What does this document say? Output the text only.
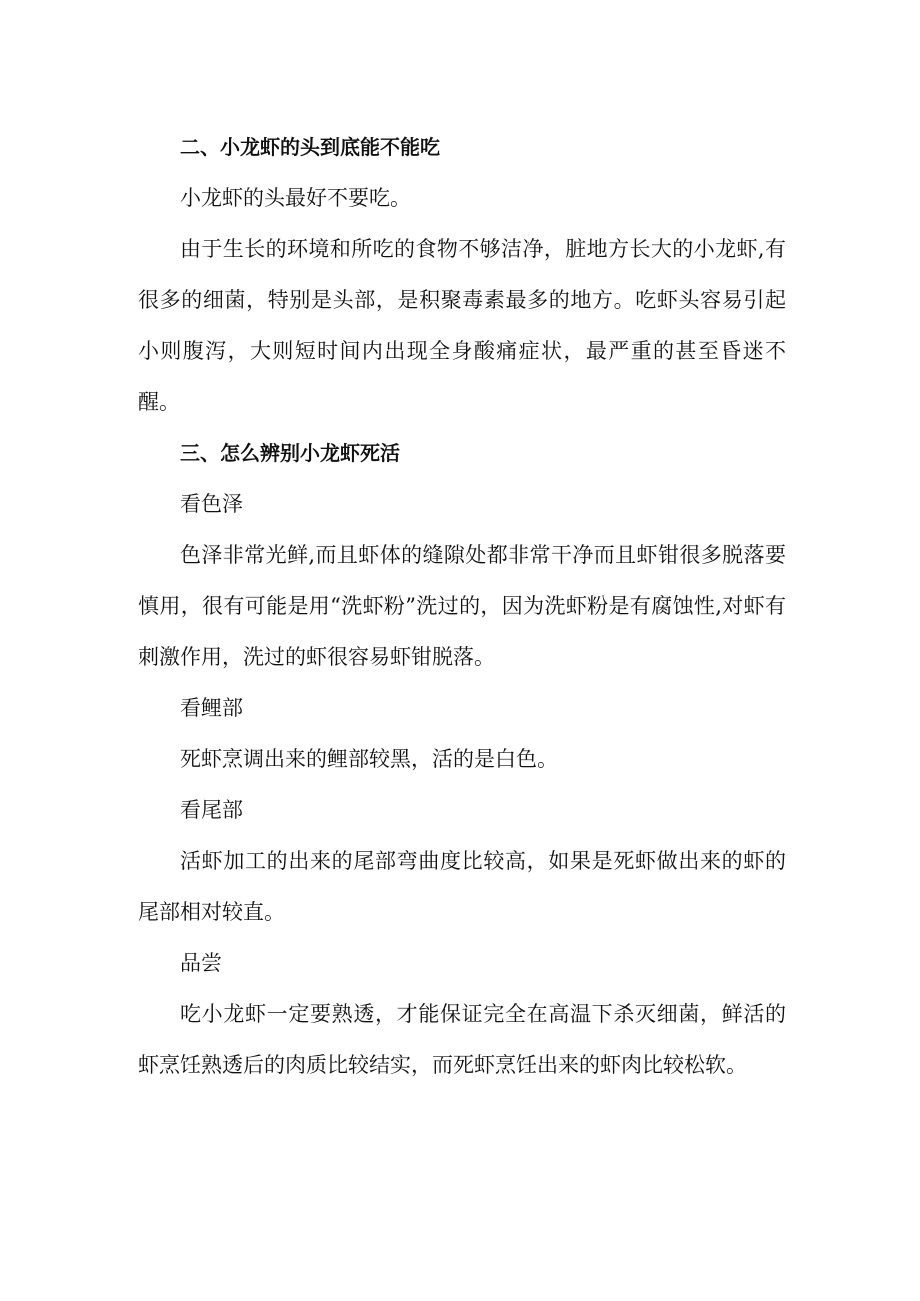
二、小龙虾的头到底能不能吃

小龙虾的头最好不要吃。

由于生长的环境和所吃的食物不够洁净，脏地方长大的小龙虾,有很多的细菌，特别是头部，是积聚毒素最多的地方。吃虾头容易引起小则腹泻，大则短时间内出现全身酸痛症状，最严重的甚至昏迷不醒。

三、怎么辨别小龙虾死活

看色泽

色泽非常光鲜,而且虾体的缝隙处都非常干净而且虾钳很多脱落要慎用，很有可能是用“洗虾粉”洗过的，因为洗虾粉是有腐蚀性,对虾有刺激作用，洗过的虾很容易虾钳脱落。

看鲤部

死虾烹调出来的鲤部较黑，活的是白色。

看尾部

活虾加工的出来的尾部弯曲度比较高，如果是死虾做出来的虾的尾部相对较直。

品尝

吃小龙虾一定要熟透，才能保证完全在高温下杀灭细菌，鲜活的虾烹饪熟透后的肉质比较结实，而死虾烹饪出来的虾肉比较松软。
